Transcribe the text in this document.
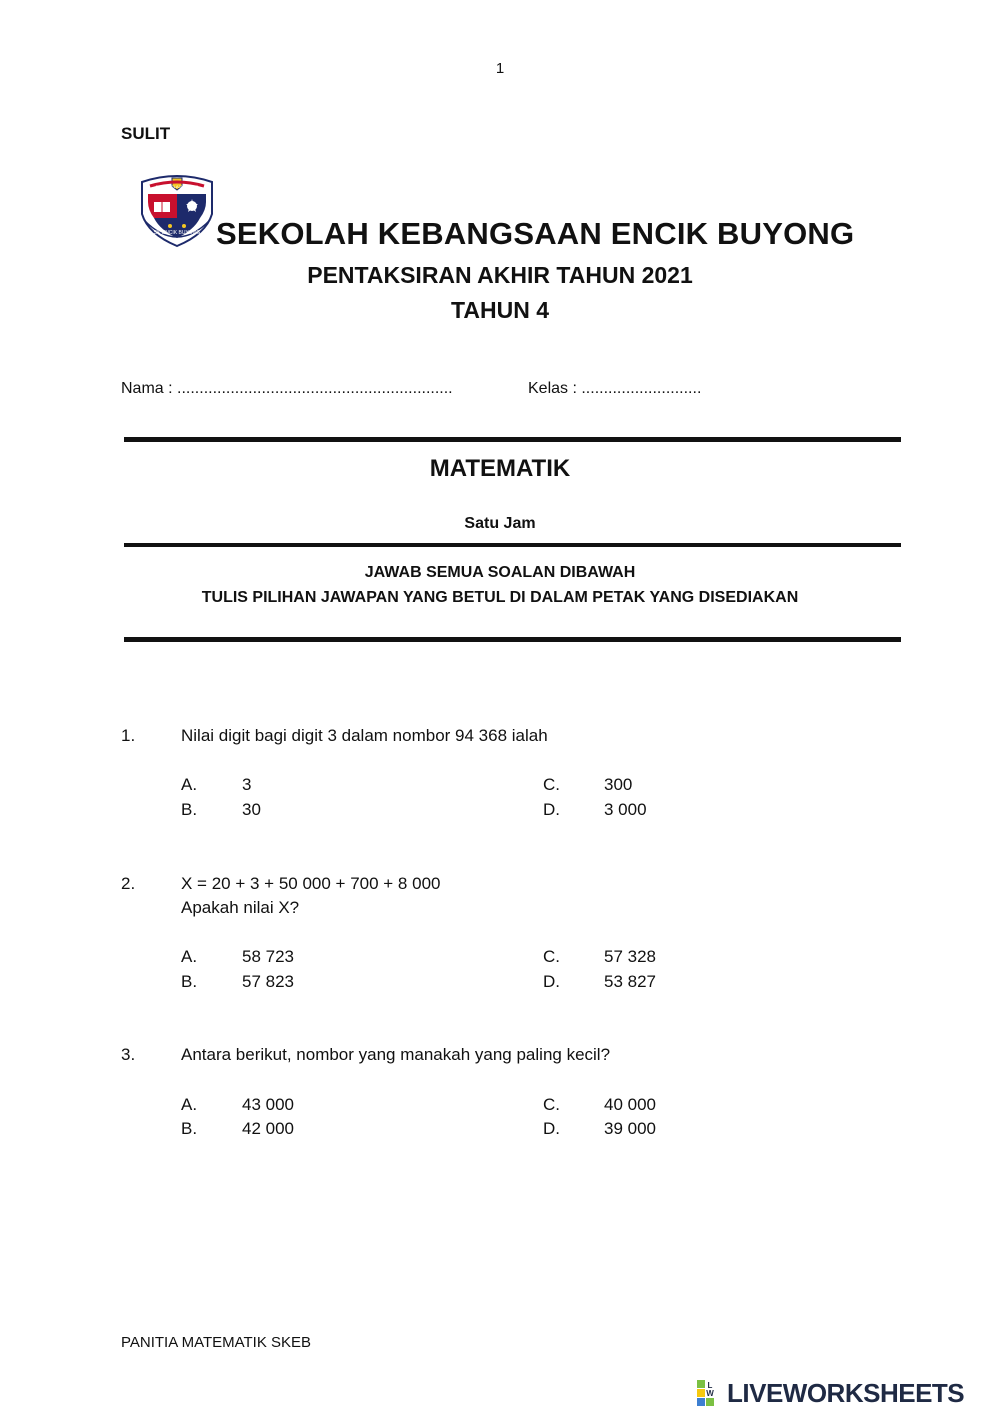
1
SULIT
BAKTI PELAJAR SURE
SK ENCIK BUYONG SEKOLAH KEBANGSAAN ENCIK BUYONG
PENTAKSIRAN AKHIR TAHUN 2021
TAHUN 4
Nama : ..............................................................	Kelas : ...........................
MATEMATIK
Satu Jam
JAWAB SEMUA SOALAN DIBAWAH
TULIS PILIHAN JAWAPAN YANG BETUL DI DALAM PETAK YANG DISEDIAKAN
1.	Nilai digit bagi digit 3 dalam nombor 94 368 ialah
A.	3
B.	30
C.	300
D.	3 000
2.	X = 20 + 3 + 50 000 + 700 + 8 000
Apakah nilai X?
A.	58 723
B.	57 823
C.	57 328
D.	53 827
3.	Antara berikut, nombor yang manakah yang paling kecil?
A.	43 000
B.	42 000
C.	40 000
D.	39 000
PANITIA MATEMATIK SKEB
L
W LIVEWORKSHEETS
